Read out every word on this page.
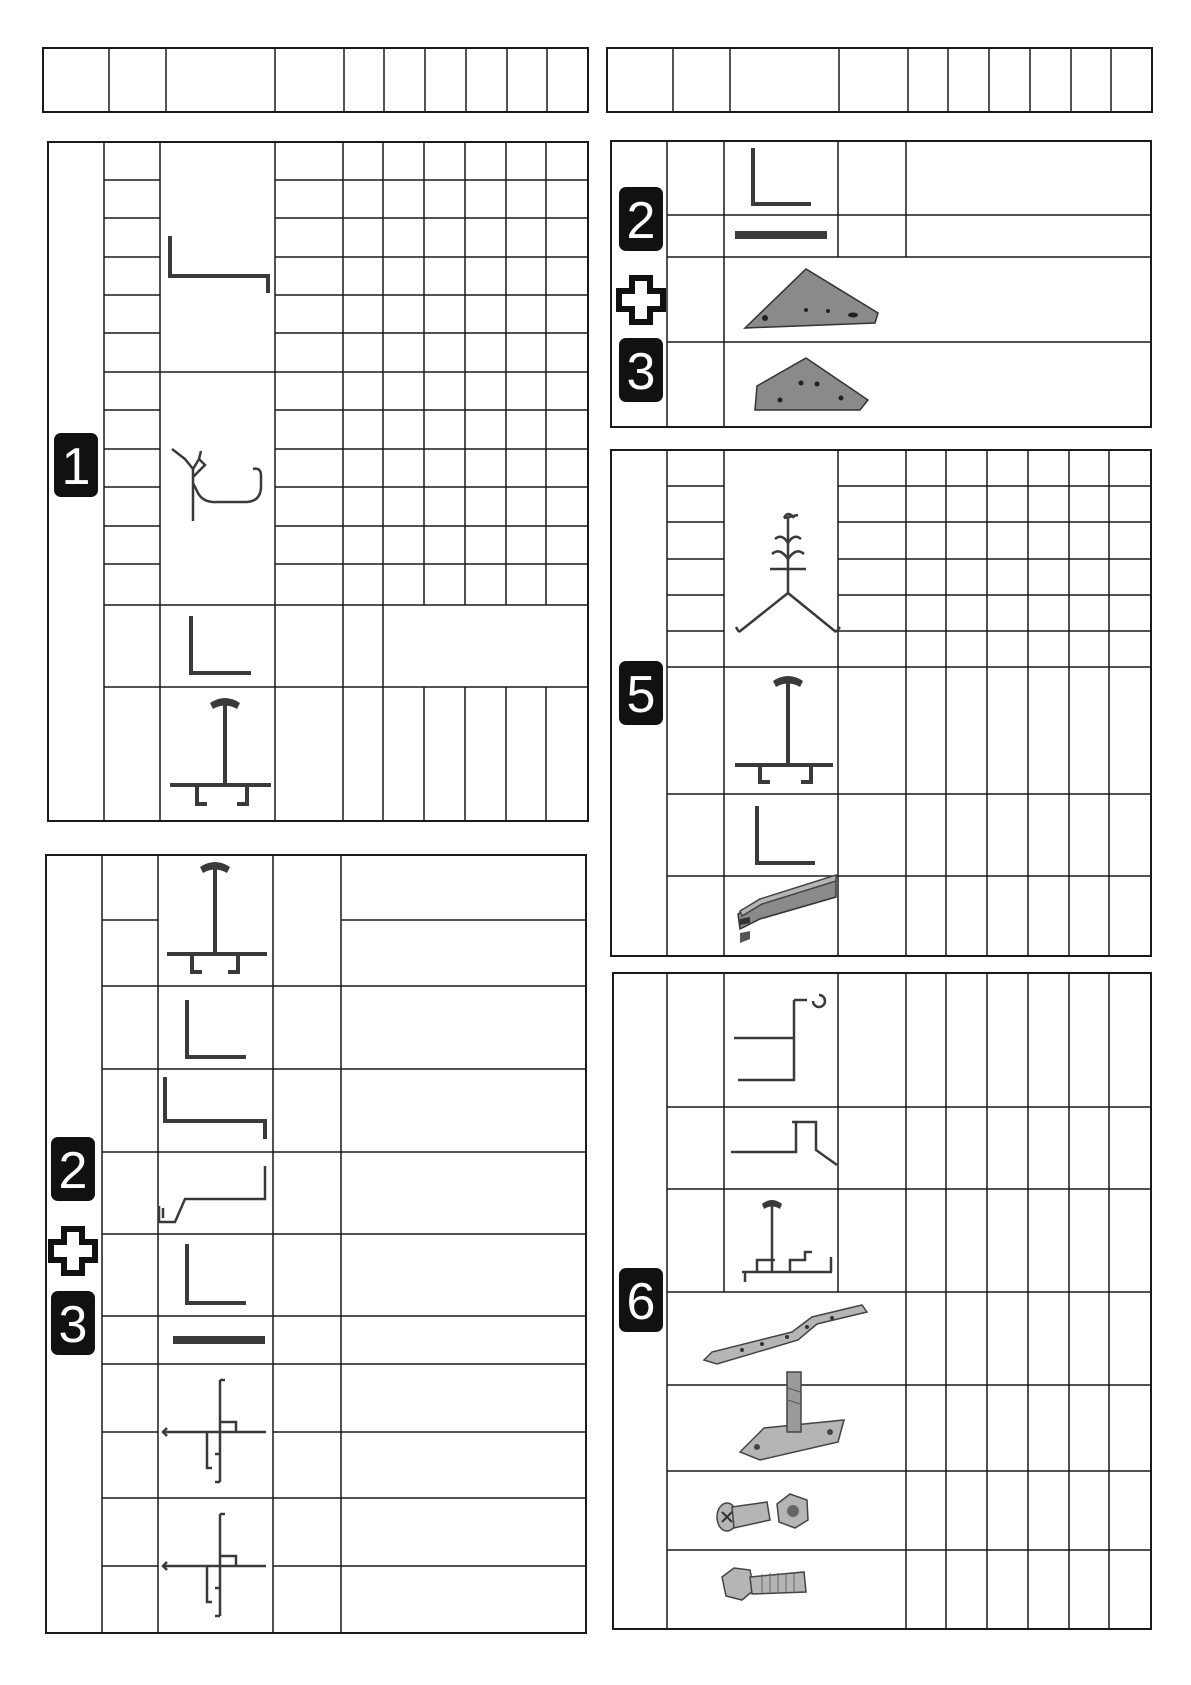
1
2
3
2
3
5
6
